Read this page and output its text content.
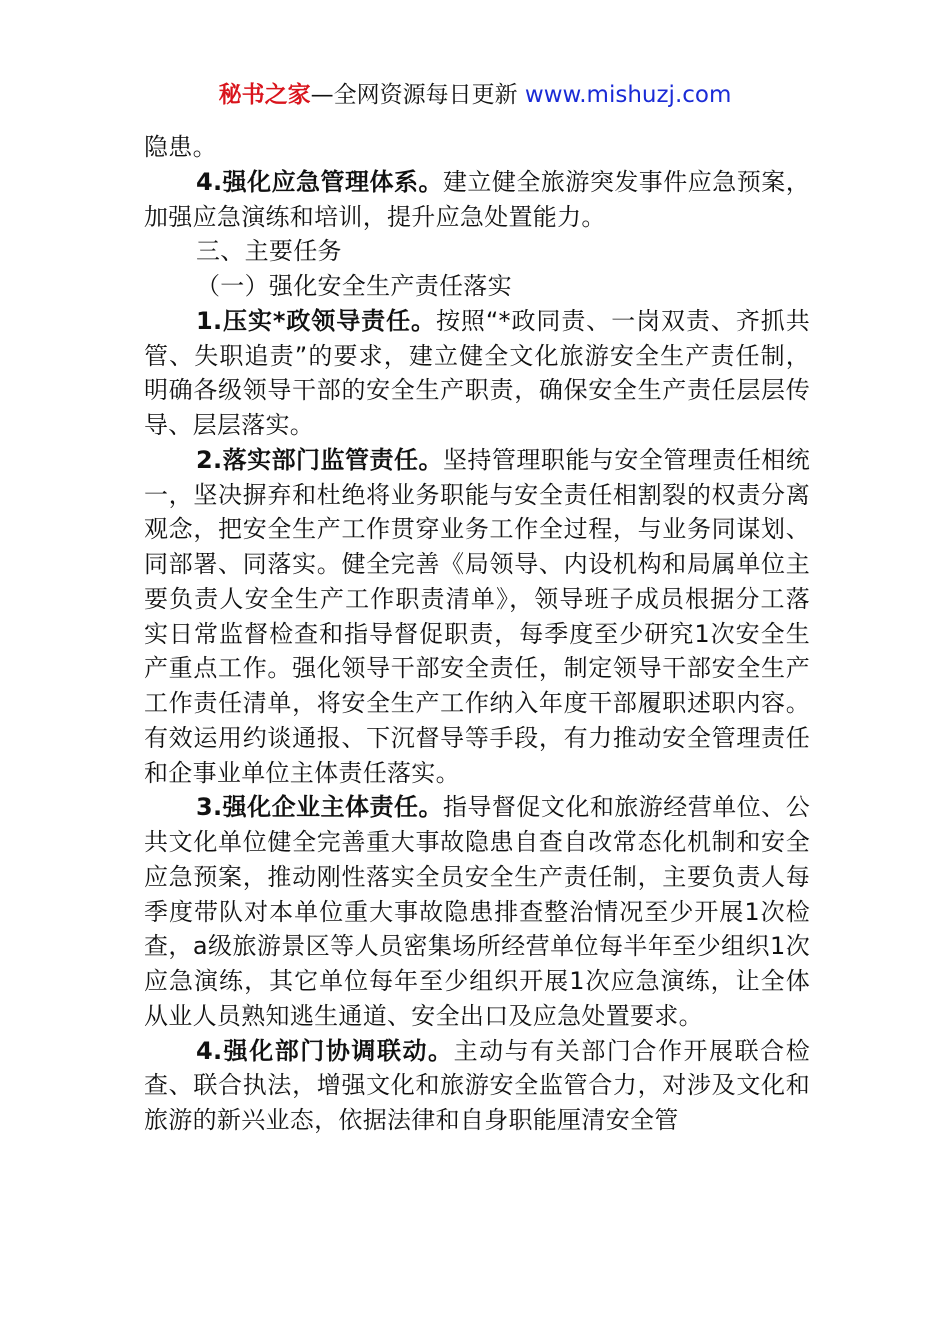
秘书之家—全网资源每日更新 www.mishuzj.com

隐患。

4.强化应急管理体系。建立健全旅游突发事件应急预案，加强应急演练和培训，提升应急处置能力。

三、主要任务

（一）强化安全生产责任落实

1.压实*政领导责任。按照“*政同责、一岗双责、齐抓共管、失职追责”的要求，建立健全文化旅游安全生产责任制，明确各级领导干部的安全生产职责，确保安全生产责任层层传导、层层落实。

2.落实部门监管责任。坚持管理职能与安全管理责任相统一，坚决摒弃和杜绝将业务职能与安全责任相割裂的权责分离观念，把安全生产工作贯穿业务工作全过程，与业务同谋划、同部署、同落实。健全完善《局领导、内设机构和局属单位主要负责人安全生产工作职责清单》，领导班子成员根据分工落实日常监督检查和指导督促职责，每季度至少研究1次安全生产重点工作。强化领导干部安全责任，制定领导干部安全生产工作责任清单，将安全生产工作纳入年度干部履职述职内容。有效运用约谈通报、下沉督导等手段，有力推动安全管理责任和企事业单位主体责任落实。

3.强化企业主体责任。指导督促文化和旅游经营单位、公共文化单位健全完善重大事故隐患自查自改常态化机制和安全应急预案，推动刚性落实全员安全生产责任制，主要负责人每季度带队对本单位重大事故隐患排查整治情况至少开展1次检查，a级旅游景区等人员密集场所经营单位每半年至少组织1次应急演练，其它单位每年至少组织开展1次应急演练，让全体从业人员熟知逃生通道、安全出口及应急处置要求。

4.强化部门协调联动。主动与有关部门合作开展联合检查、联合执法，增强文化和旅游安全监管合力，对涉及文化和旅游的新兴业态，依据法律和自身职能厘清安全管
